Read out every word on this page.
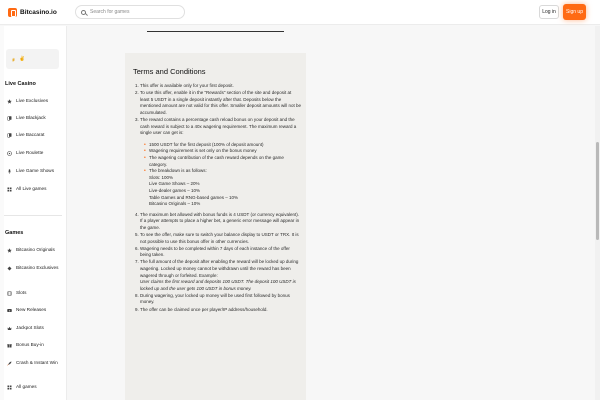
Bitcasino.io
Search for games	Log in	Sign up
✌
Live Casino
Live Exclusives
Live Blackjack
Live Baccarat
Live Roulette
Live Game Shows
All Live games
Games
Bitcasino Originals
Bitcasino Exclusives
Slots
N New Releases
Jackpot Slots
Bonus Buy-in
Crash & Instant Win
All games
Terms and Conditions
1. This offer is available only for your first deposit.
2. To use this offer, enable it in the "Rewards" section of the site and deposit at least 5 USDT in a single deposit instantly after that. Deposits below the mentioned amount are not valid for this offer. Smaller deposit amounts will not be accumulated.
3. The reward contains a percentage cash reload bonus on your deposit and the cash reward is subject to a 40x wagering requirement. The maximum reward a single user can get is:
• 1500 USDT for the first deposit (100% of deposit amount)
• Wagering requirement is set only on the bonus money
• The wagering contribution of the cash reward depends on the game category.
• The breakdown is as follows:
Slots: 100%
Live Game Shows – 20%
Live-dealer games – 10%
Table Games and RNG-based games – 10%
Bitcasino Originals – 10%
4. The maximum bet allowed with bonus funds is 4 USDT (or currency equivalent). If a player attempts to place a higher bet, a generic error message will appear in the game.
5. To see the offer, make sure to switch your balance display to USDT or TRX. It is not possible to use this bonus offer in other currencies.
6. Wagering needs to be completed within 7 days of each instance of the offer being taken.
7. The full amount of the deposit after enabling the reward will be locked up during wagering. Locked up money cannot be withdrawn until the reward has been wagered through or forfeited. Example:
User claims the first reward and deposits 100 USDT. The deposit 100 USDT is locked up and the user gets 100 USDT in bonus money.
8. During wagering, your locked up money will be used first followed by bonus money.
9. The offer can be claimed once per player/IP address/household.
